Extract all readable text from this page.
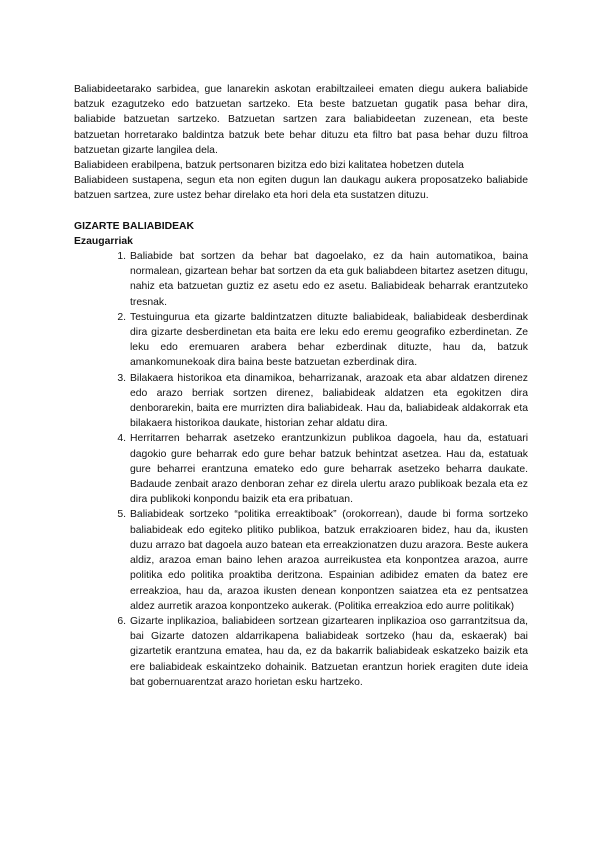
Baliabideetarako sarbidea, gue lanarekin askotan erabiltzaileei ematen diegu aukera baliabide batzuk ezagutzeko edo batzuetan sartzeko. Eta beste batzuetan gugatik pasa behar dira, baliabide batzuetan sartzeko. Batzuetan sartzen zara baliabideetan zuzenean, eta beste batzuetan horretarako baldintza batzuk bete behar dituzu eta filtro bat pasa behar duzu filtroa batzuetan gizarte langilea dela.

Baliabideen erabilpena, batzuk pertsonaren bizitza edo bizi kalitatea hobetzen dutela

Baliabideen sustapena, segun eta non egiten dugun lan daukagu aukera proposatzeko baliabide batzuen sartzea, zure ustez behar direlako eta hori dela eta sustatzen dituzu.

GIZARTE BALIABIDEAK

Ezaugarriak

1. Baliabide bat sortzen da behar bat dagoelako, ez da hain automatikoa, baina normalean, gizartean behar bat sortzen da eta guk baliabdeen bitartez asetzen ditugu, nahiz eta batzuetan guztiz ez asetu edo ez asetu. Baliabideak beharrak erantzuteko tresnak.
2. Testuingurua eta gizarte baldintzatzen dituzte baliabideak, baliabideak desberdinak dira gizarte desberdinetan eta baita ere leku edo eremu geografiko ezberdinetan. Ze leku edo eremuaren arabera behar ezberdinak dituzte, hau da, batzuk amankomunekoak dira baina beste batzuetan ezberdinak dira.
3. Bilakaera historikoa eta dinamikoa, beharrizanak, arazoak eta abar aldatzen direnez edo arazo berriak sortzen direnez, baliabideak aldatzen eta egokitzen dira denborarekin, baita ere murrizten dira baliabideak. Hau da, baliabideak aldakorrak eta bilakaera historikoa daukate, historian zehar aldatu dira.
4. Herritarren beharrak asetzeko erantzunkizun publikoa dagoela, hau da, estatuari dagokio gure beharrak edo gure behar batzuk behintzat asetzea. Hau da, estatuak gure beharrei erantzuna emateko edo gure beharrak asetzeko beharra daukate. Badaude zenbait arazo denboran zehar ez direla ulertu arazo publikoak bezala eta ez dira publikoki konpondu baizik eta era pribatuan.
5. Baliabideak sortzeko “politika erreaktiboak” (orokorrean), daude bi forma sortzeko baliabideak edo egiteko plitiko publikoa, batzuk errakzioaren bidez, hau da, ikusten duzu arrazo bat dagoela auzo batean eta erreakzionatzen duzu arazora. Beste aukera aldiz, arazoa eman baino lehen arazoa aurreikustea eta konpontzea arazoa, aurre politika edo politika proaktiba deritzona. Espainian adibidez ematen da batez ere erreakzioa, hau da, arazoa ikusten denean konpontzen saiatzea eta ez pentsatzea aldez aurretik arazoa konpontzeko aukerak. (Politika erreakzioa edo aurre politikak)
6. Gizarte inplikazioa, baliabideen sortzean gizartearen inplikazioa oso garrantzitsua da, bai Gizarte datozen aldarrikapena baliabideak sortzeko (hau da, eskaerak) bai gizartetik erantzuna ematea, hau da, ez da bakarrik baliabideak eskatzeko baizik eta ere baliabideak eskaintzeko dohainik. Batzuetan erantzun horiek eragiten dute ideia bat gobernuarentzat arazo horietan esku hartzeko.
